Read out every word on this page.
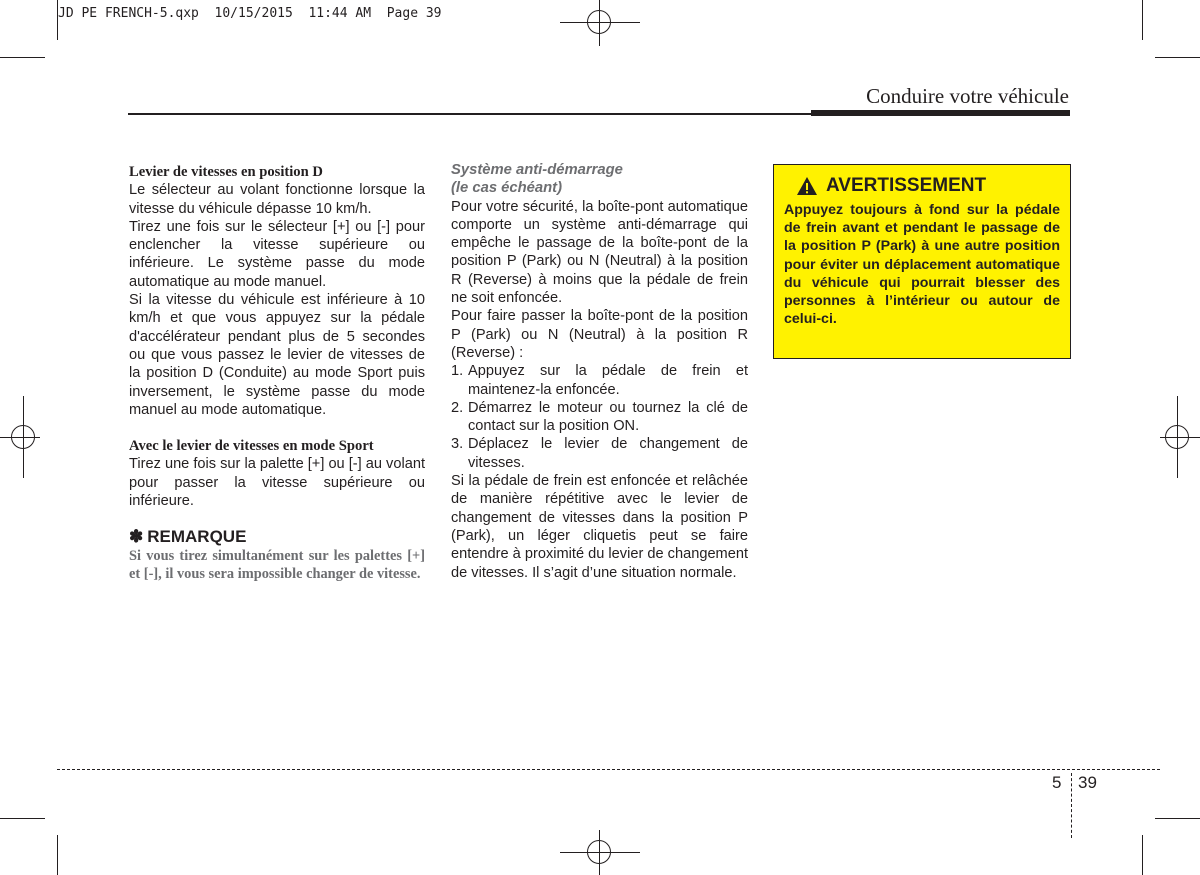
JD PE FRENCH-5.qxp  10/15/2015  11:44 AM  Page 39
Conduire votre véhicule

Levier de vitesses en position D

Le sélecteur au volant fonctionne lorsque la vitesse du véhicule dépasse 10 km/h.

Tirez une fois sur le sélecteur [+] ou [-] pour enclencher la vitesse supérieure ou inférieure. Le système passe du mode automatique au mode manuel.

Si la vitesse du véhicule est inférieure à 10 km/h et que vous appuyez sur la pédale d'accélérateur pendant plus de 5 secondes ou que vous passez le levier de vitesses de la position D (Conduite) au mode Sport puis inversement, le système passe du mode manuel au mode automatique.

Avec le levier de vitesses en mode Sport

Tirez une fois sur la palette [+] ou [-] au volant pour passer la vitesse supérieure ou inférieure.

✽ REMARQUE

Si vous tirez simultanément sur les palettes [+] et [-], il vous sera impossible changer de vitesse.

Système anti-démarrage

(le cas échéant)

Pour votre sécurité, la boîte-pont automatique comporte un système anti-démarrage qui empêche le passage de la boîte-pont de la position P (Park) ou N (Neutral) à la position R (Reverse) à moins que la pédale de frein ne soit enfoncée.

Pour faire passer la boîte-pont de la position P (Park) ou N (Neutral) à la position R (Reverse) :

1. Appuyez sur la pédale de frein et maintenez-la enfoncée.
2. Démarrez le moteur ou tournez la clé de contact sur la position ON.
3. Déplacez le levier de changement de vitesses.

Si la pédale de frein est enfoncée et relâchée de manière répétitive avec le levier de changement de vitesses dans la position P (Park), un léger cliquetis peut se faire entendre à proximité du levier de changement de vitesses. Il s’agit d’une situation normale.

AVERTISSEMENT
Appuyez toujours à fond sur la pédale de frein avant et pendant le passage de la position P (Park) à une autre position pour éviter un déplacement automatique du véhicule qui pourrait blesser des personnes à l’intérieur ou autour de celui-ci.
5 39
